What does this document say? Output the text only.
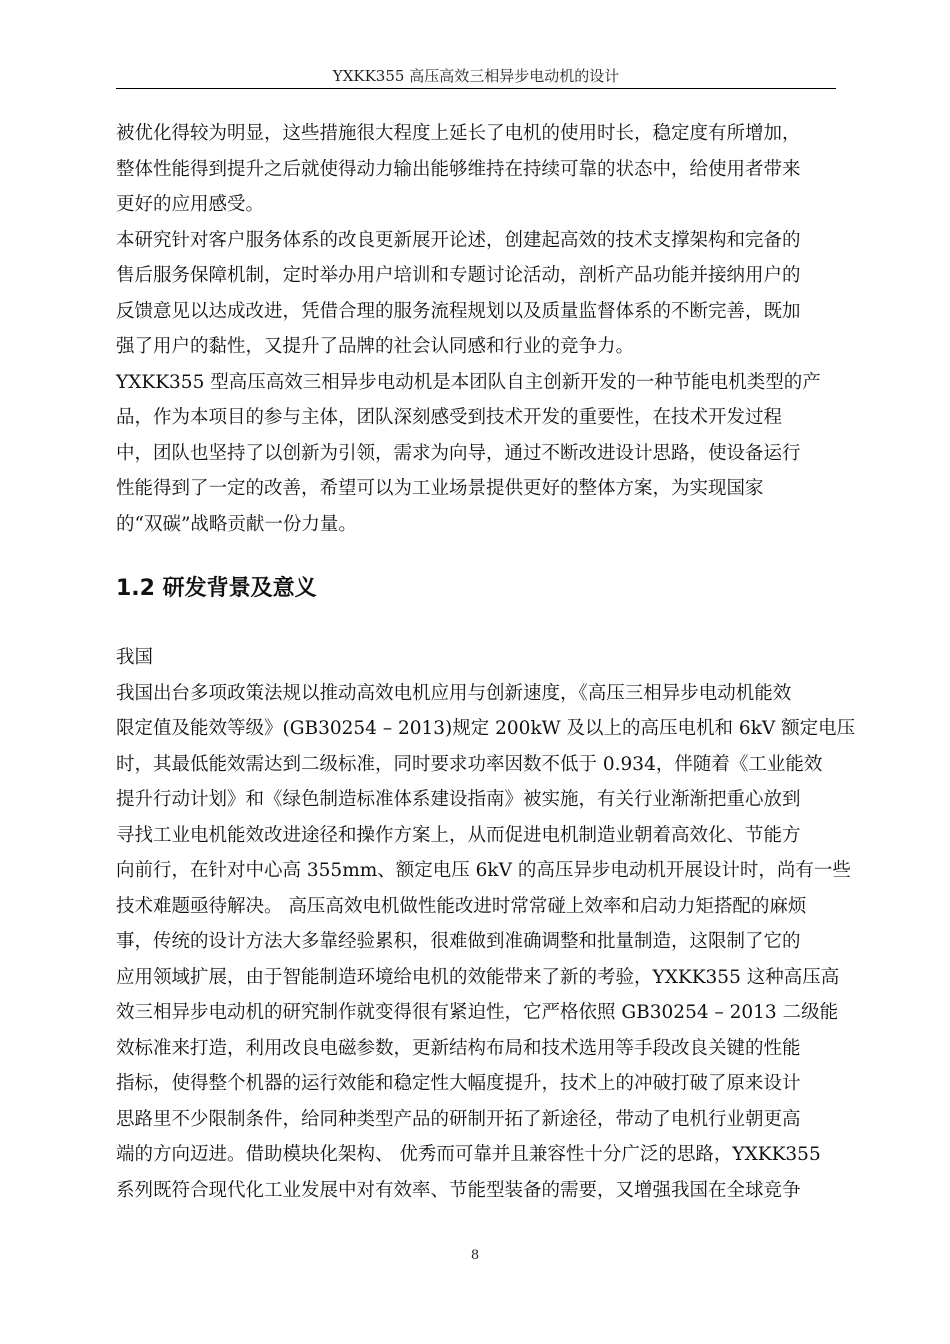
YXKK355 高压高效三相异步电动机的设计
被优化得较为明显，这些措施很大程度上延长了电机的使用时长，稳定度有所增加，
整体性能得到提升之后就使得动力输出能够维持在持续可靠的状态中，给使用者带来
更好的应用感受。
本研究针对客户服务体系的改良更新展开论述，创建起高效的技术支撑架构和完备的
售后服务保障机制，定时举办用户培训和专题讨论活动，剖析产品功能并接纳用户的
反馈意见以达成改进，凭借合理的服务流程规划以及质量监督体系的不断完善，既加
强了用户的黏性，又提升了品牌的社会认同感和行业的竞争力。
YXKK355 型高压高效三相异步电动机是本团队自主创新开发的一种节能电机类型的产
品，作为本项目的参与主体，团队深刻感受到技术开发的重要性，在技术开发过程
中，团队也坚持了以创新为引领，需求为向导，通过不断改进设计思路，使设备运行
性能得到了一定的改善，希望可以为工业场景提供更好的整体方案，为实现国家
的“双碳”战略贡献一份力量。
1.2 研发背景及意义
我国
我国出台多项政策法规以推动高效电机应用与创新速度，《高压三相异步电动机能效
限定值及能效等级》(GB30254 – 2013)规定 200kW 及以上的高压电机和 6kV 额定电压
时，其最低能效需达到二级标准，同时要求功率因数不低于 0.934，伴随着《工业能效
提升行动计划》和《绿色制造标准体系建设指南》被实施，有关行业渐渐把重心放到
寻找工业电机能效改进途径和操作方案上，从而促进电机制造业朝着高效化、节能方
向前行，在针对中心高 355mm、额定电压 6kV 的高压异步电动机开展设计时，尚有一些
技术难题亟待解决。 高压高效电机做性能改进时常常碰上效率和启动力矩搭配的麻烦
事，传统的设计方法大多靠经验累积，很难做到准确调整和批量制造，这限制了它的
应用领域扩展，由于智能制造环境给电机的效能带来了新的考验，YXKK355 这种高压高
效三相异步电动机的研究制作就变得很有紧迫性，它严格依照 GB30254 – 2013 二级能
效标准来打造，利用改良电磁参数，更新结构布局和技术选用等手段改良关键的性能
指标，使得整个机器的运行效能和稳定性大幅度提升，技术上的冲破打破了原来设计
思路里不少限制条件，给同种类型产品的研制开拓了新途径，带动了电机行业朝更高
端的方向迈进。借助模块化架构、 优秀而可靠并且兼容性十分广泛的思路，YXKK355
系列既符合现代化工业发展中对有效率、节能型装备的需要，又增强我国在全球竞争
8
